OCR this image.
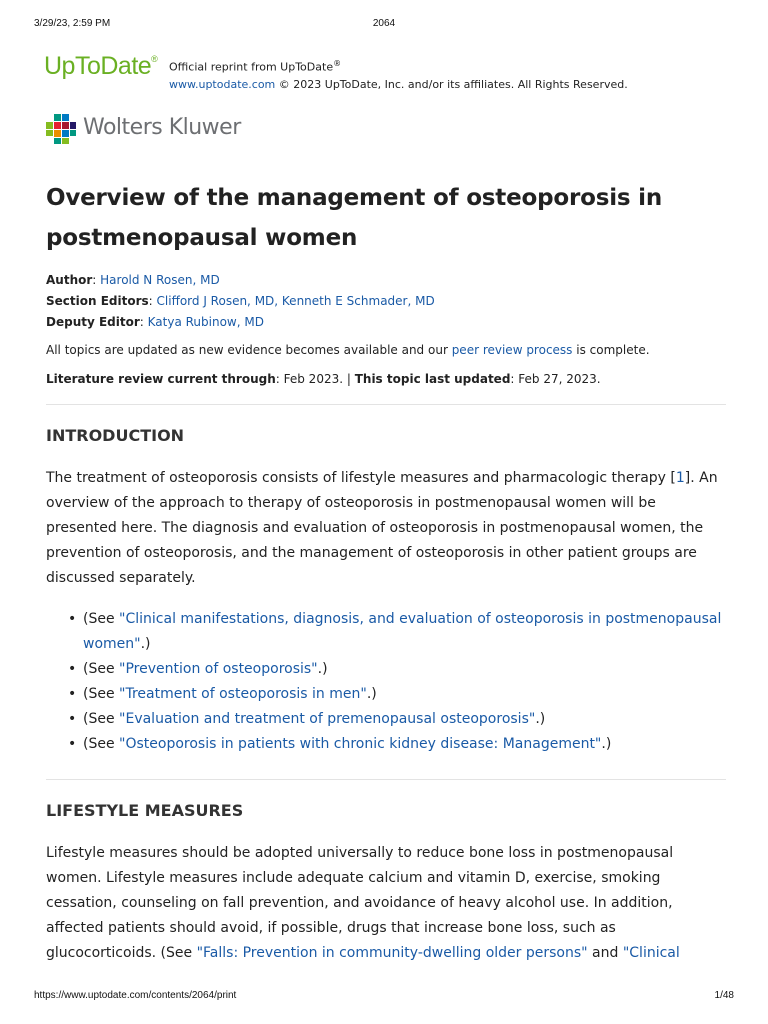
3/29/23, 2:59 PM	2064
UpToDate®
Official reprint from UpToDate®
www.uptodate.com © 2023 UpToDate, Inc. and/or its affiliates. All Rights Reserved.
Wolters Kluwer
Overview of the management of osteoporosis in postmenopausal women
Author: Harold N Rosen, MD
Section Editors: Clifford J Rosen, MD, Kenneth E Schmader, MD
Deputy Editor: Katya Rubinow, MD

All topics are updated as new evidence becomes available and our peer review process is complete.

Literature review current through: Feb 2023. | This topic last updated: Feb 27, 2023.

INTRODUCTION

The treatment of osteoporosis consists of lifestyle measures and pharmacologic therapy [1]. An overview of the approach to therapy of osteoporosis in postmenopausal women will be presented here. The diagnosis and evaluation of osteoporosis in postmenopausal women, the prevention of osteoporosis, and the management of osteoporosis in other patient groups are discussed separately.

• (See "Clinical manifestations, diagnosis, and evaluation of osteoporosis in postmenopausal women".)
• (See "Prevention of osteoporosis".)
• (See "Treatment of osteoporosis in men".)
• (See "Evaluation and treatment of premenopausal osteoporosis".)
• (See "Osteoporosis in patients with chronic kidney disease: Management".)
LIFESTYLE MEASURES

Lifestyle measures should be adopted universally to reduce bone loss in postmenopausal women. Lifestyle measures include adequate calcium and vitamin D, exercise, smoking cessation, counseling on fall prevention, and avoidance of heavy alcohol use. In addition, affected patients should avoid, if possible, drugs that increase bone loss, such as glucocorticoids. (See "Falls: Prevention in community-dwelling older persons" and "Clinical

https://www.uptodate.com/contents/2064/print	1/48
